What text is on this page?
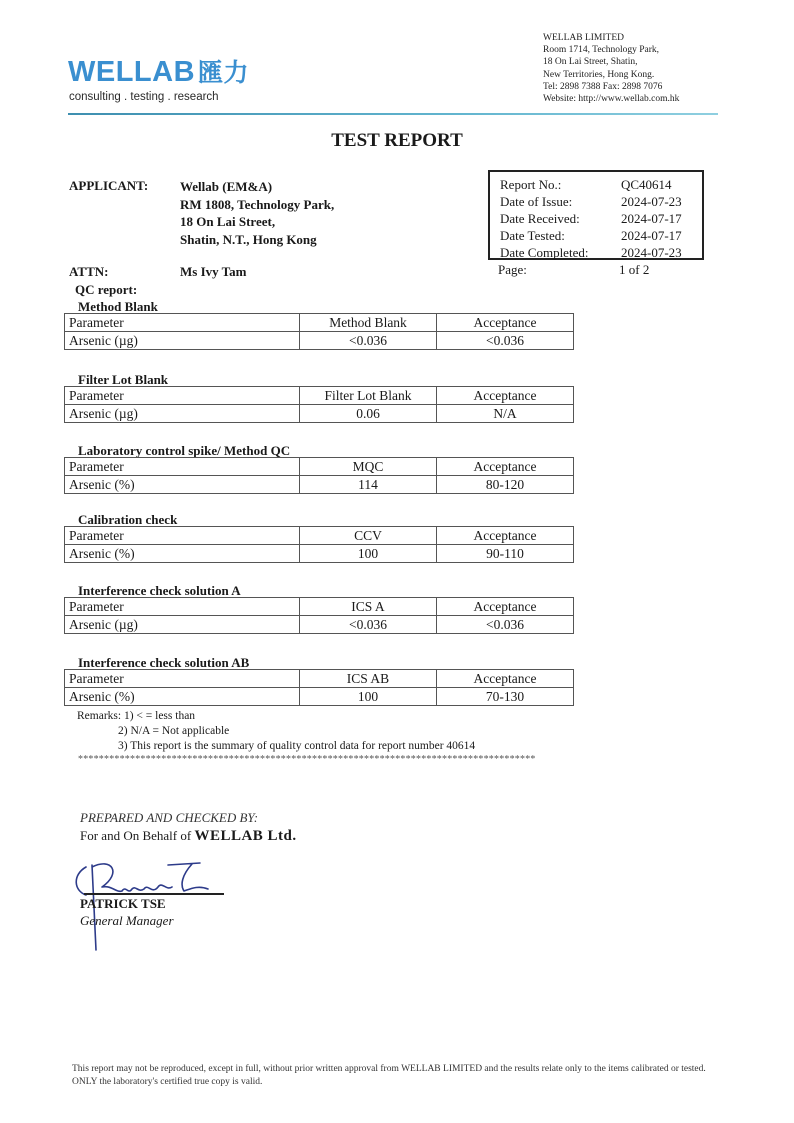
WELLAB 匯力
consulting . testing . research
WELLAB LIMITED
Room 1714, Technology Park,
18 On Lai Street, Shatin,
New Territories, Hong Kong.
Tel: 2898 7388 Fax: 2898 7076
Website: http://www.wellab.com.hk
TEST REPORT
APPLICANT: Wellab (EM&A)
RM 1808, Technology Park,
18 On Lai Street,
Shatin, N.T., Hong Kong
ATTN:	Ms Ivy Tam
QC report:
Report No.:	QC40614
Date of Issue:	2024-07-23
Date Received:	2024-07-17
Date Tested:	2024-07-17
Date Completed:	2024-07-23
Page:	1 of 2
Method Blank
Parameter	Method Blank	Acceptance
Arsenic (µg)	<0.036	<0.036
Filter Lot Blank
Parameter	Filter Lot Blank	Acceptance
Arsenic (µg)	0.06	N/A
Laboratory control spike/ Method QC
Parameter	MQC	Acceptance
Arsenic (%)	114	80-120
Calibration check
Parameter	CCV	Acceptance
Arsenic (%)	100	90-110
Interference check solution A
Parameter	ICS A	Acceptance
Arsenic (µg)	<0.036	<0.036
Interference check solution AB
Parameter	ICS AB	Acceptance
Arsenic (%)	100	70-130
Remarks: 1) < = less than
2) N/A = Not applicable
3) This report is the summary of quality control data for report number 40614
****************************************************************************************
PREPARED AND CHECKED BY:
For and On Behalf of WELLAB Ltd.
PATRICK TSE
General Manager
This report may not be reproduced, except in full, without prior written approval from WELLAB LIMITED and the results relate only to the items calibrated or tested. ONLY the laboratory's certified true copy is valid.
